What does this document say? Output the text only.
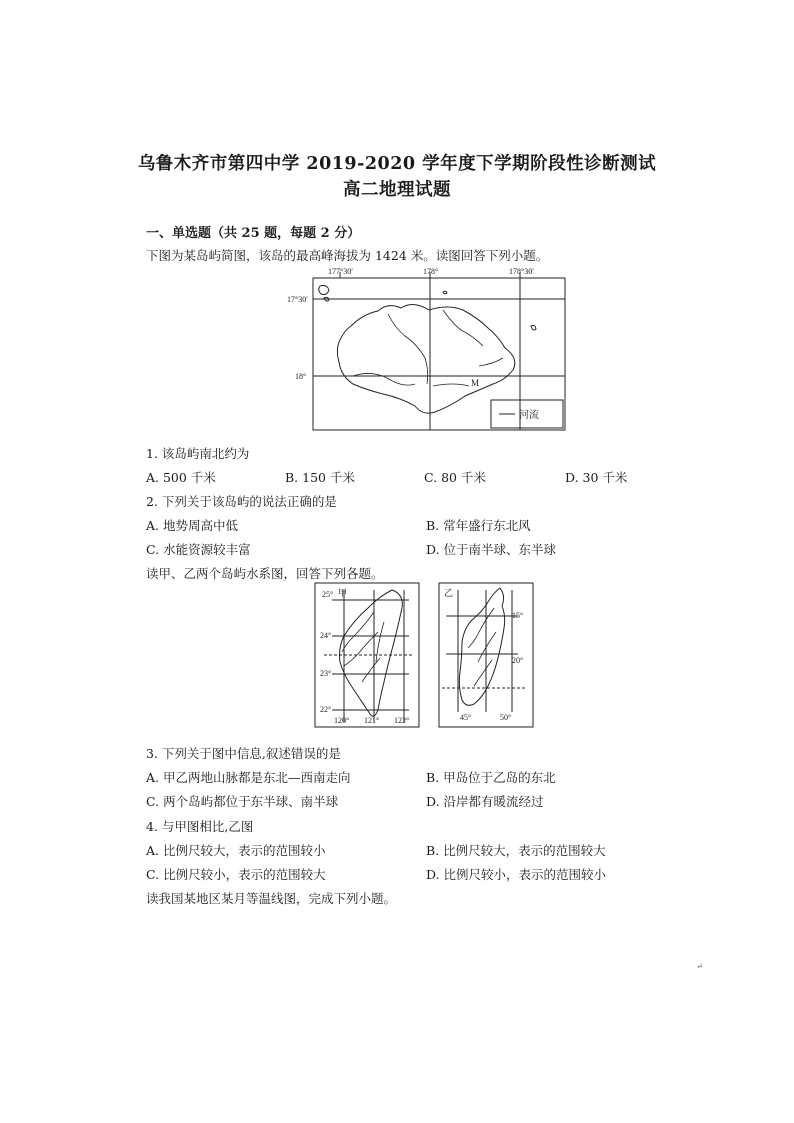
乌鲁木齐市第四中学 2019-2020 学年度下学期阶段性诊断测试
高二地理试题
一、单选题（共 25 题，每题 2 分）
下图为某岛屿简图，该岛的最高峰海拔为 1424 米。读图回答下列小题。
177°30′	178°	178°30′
17°30′
18°
M
河流
1. 该岛屿南北约为
A. 500 千米	B. 150 千米	C. 80 千米	D. 30 千米
2. 下列关于该岛屿的说法正确的是
A. 地势周高中低	B. 常年盛行东北风
C. 水能资源较丰富	D. 位于南半球、东半球
读甲、乙两个岛屿水系图，回答下列各题。
25° 甲
24°
23°
22°
120° 121° 122°
乙
15°
20°
45°	50°
3. 下列关于图中信息,叙述错误的是
A. 甲乙两地山脉都是东北—西南走向	B. 甲岛位于乙岛的东北
C. 两个岛屿都位于东半球、南半球	D. 沿岸都有暖流经过
4. 与甲图相比,乙图
A. 比例尺较大，表示的范围较小	B. 比例尺较大，表示的范围较大
C. 比例尺较小，表示的范围较大	D. 比例尺较小，表示的范围较小
读我国某地区某月等温线图，完成下列小题。
↵
